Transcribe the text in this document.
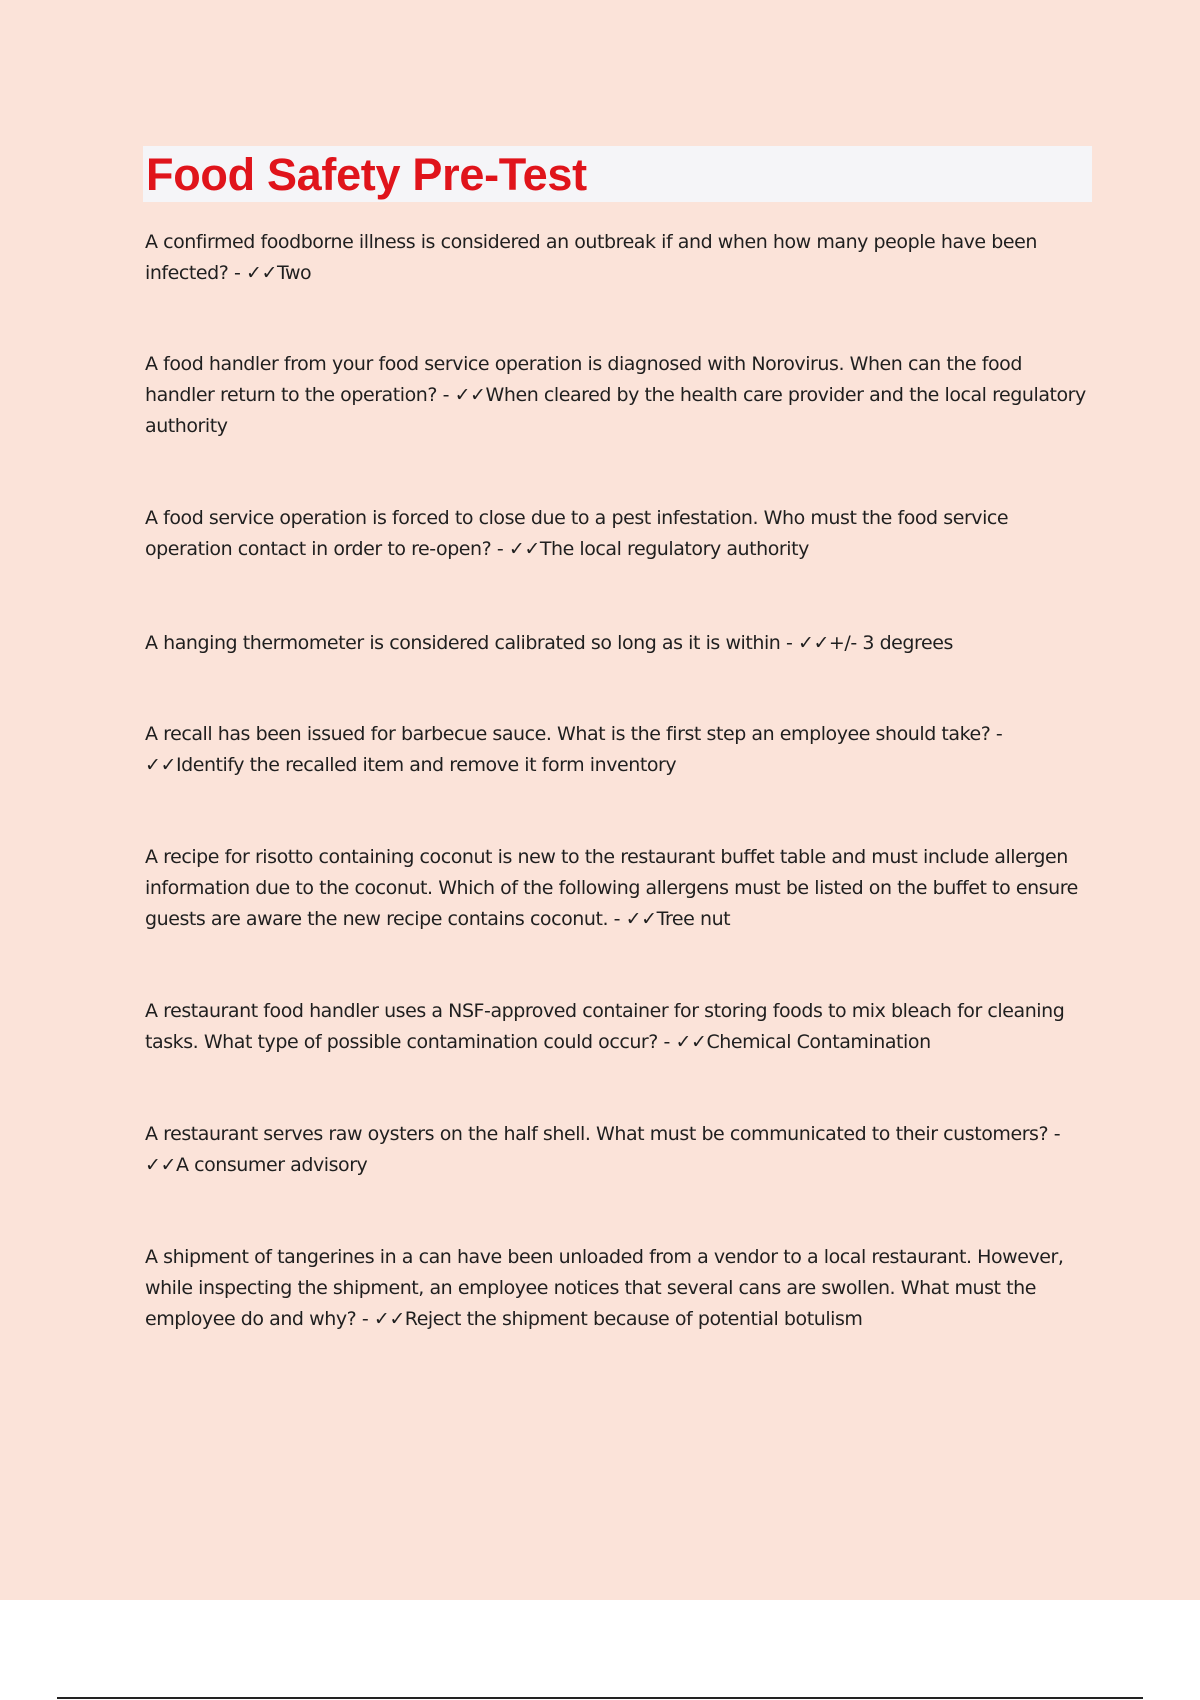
Food Safety Pre-Test

A confirmed foodborne illness is considered an outbreak if and when how many people have been infected? - ✓✓Two

A food handler from your food service operation is diagnosed with Norovirus. When can the food handler return to the operation? - ✓✓When cleared by the health care provider and the local regulatory authority

A food service operation is forced to close due to a pest infestation. Who must the food service operation contact in order to re-open? - ✓✓The local regulatory authority

A hanging thermometer is considered calibrated so long as it is within - ✓✓+/- 3 degrees

A recall has been issued for barbecue sauce. What is the first step an employee should take? - ✓✓Identify the recalled item and remove it form inventory

A recipe for risotto containing coconut is new to the restaurant buffet table and must include allergen information due to the coconut. Which of the following allergens must be listed on the buffet to ensure guests are aware the new recipe contains coconut. - ✓✓Tree nut

A restaurant food handler uses a NSF-approved container for storing foods to mix bleach for cleaning tasks. What type of possible contamination could occur? - ✓✓Chemical Contamination

A restaurant serves raw oysters on the half shell. What must be communicated to their customers? - ✓✓A consumer advisory

A shipment of tangerines in a can have been unloaded from a vendor to a local restaurant. However, while inspecting the shipment, an employee notices that several cans are swollen. What must the employee do and why? - ✓✓Reject the shipment because of potential botulism
